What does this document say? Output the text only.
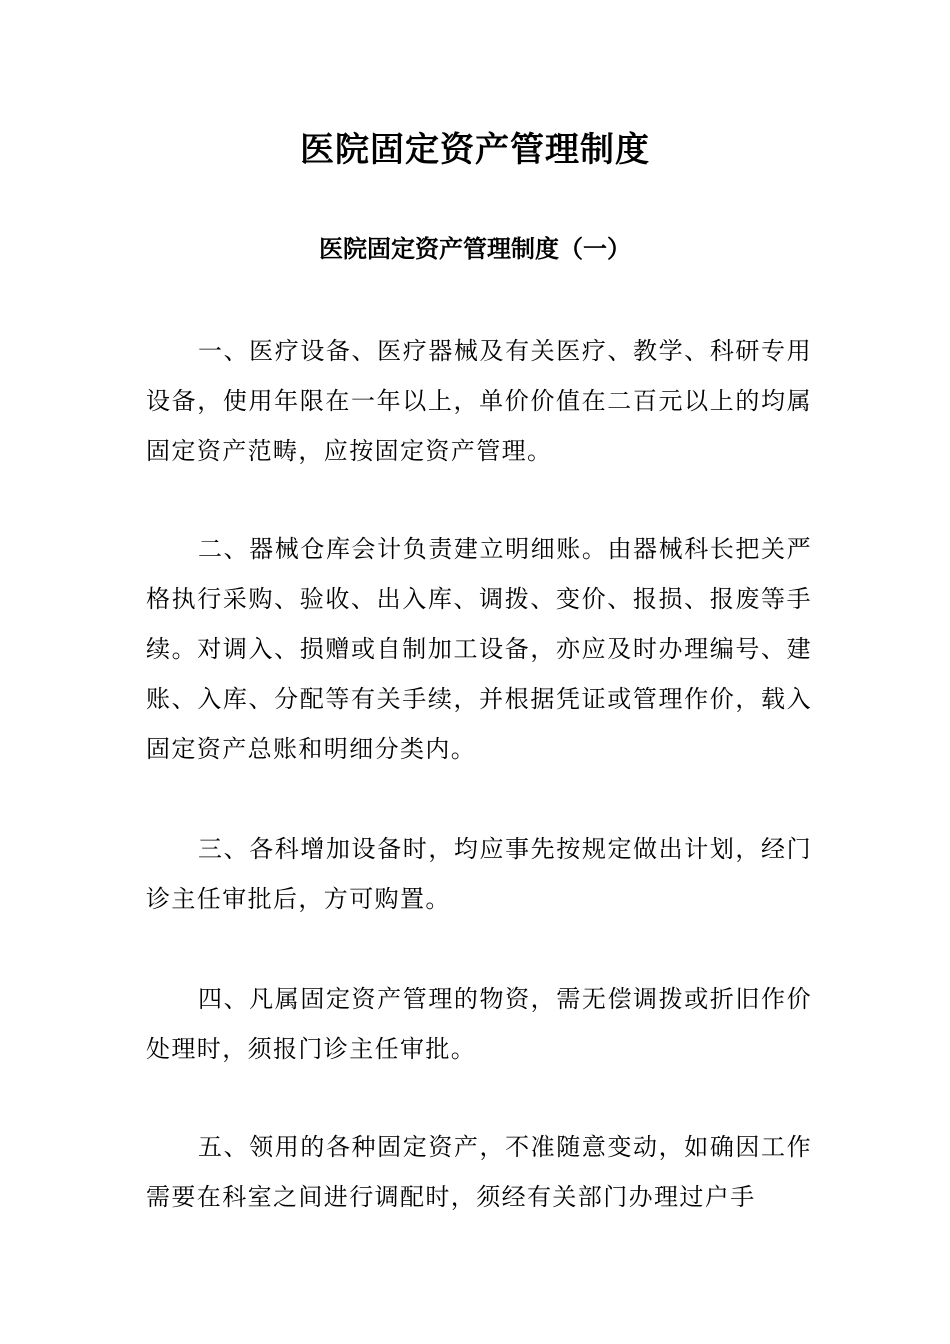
医院固定资产管理制度
医院固定资产管理制度（一）

一、医疗设备、医疗器械及有关医疗、教学、科研专用设备，使用年限在一年以上，单价价值在二百元以上的均属固定资产范畴，应按固定资产管理。

二、器械仓库会计负责建立明细账。由器械科长把关严格执行采购、验收、出入库、调拨、变价、报损、报废等手续。对调入、损赠或自制加工设备，亦应及时办理编号、建账、入库、分配等有关手续，并根据凭证或管理作价，载入固定资产总账和明细分类内。

三、各科增加设备时，均应事先按规定做出计划，经门诊主任审批后，方可购置。

四、凡属固定资产管理的物资，需无偿调拨或折旧作价处理时，须报门诊主任审批。

五、领用的各种固定资产，不准随意变动，如确因工作需要在科室之间进行调配时，须经有关部门办理过户手
